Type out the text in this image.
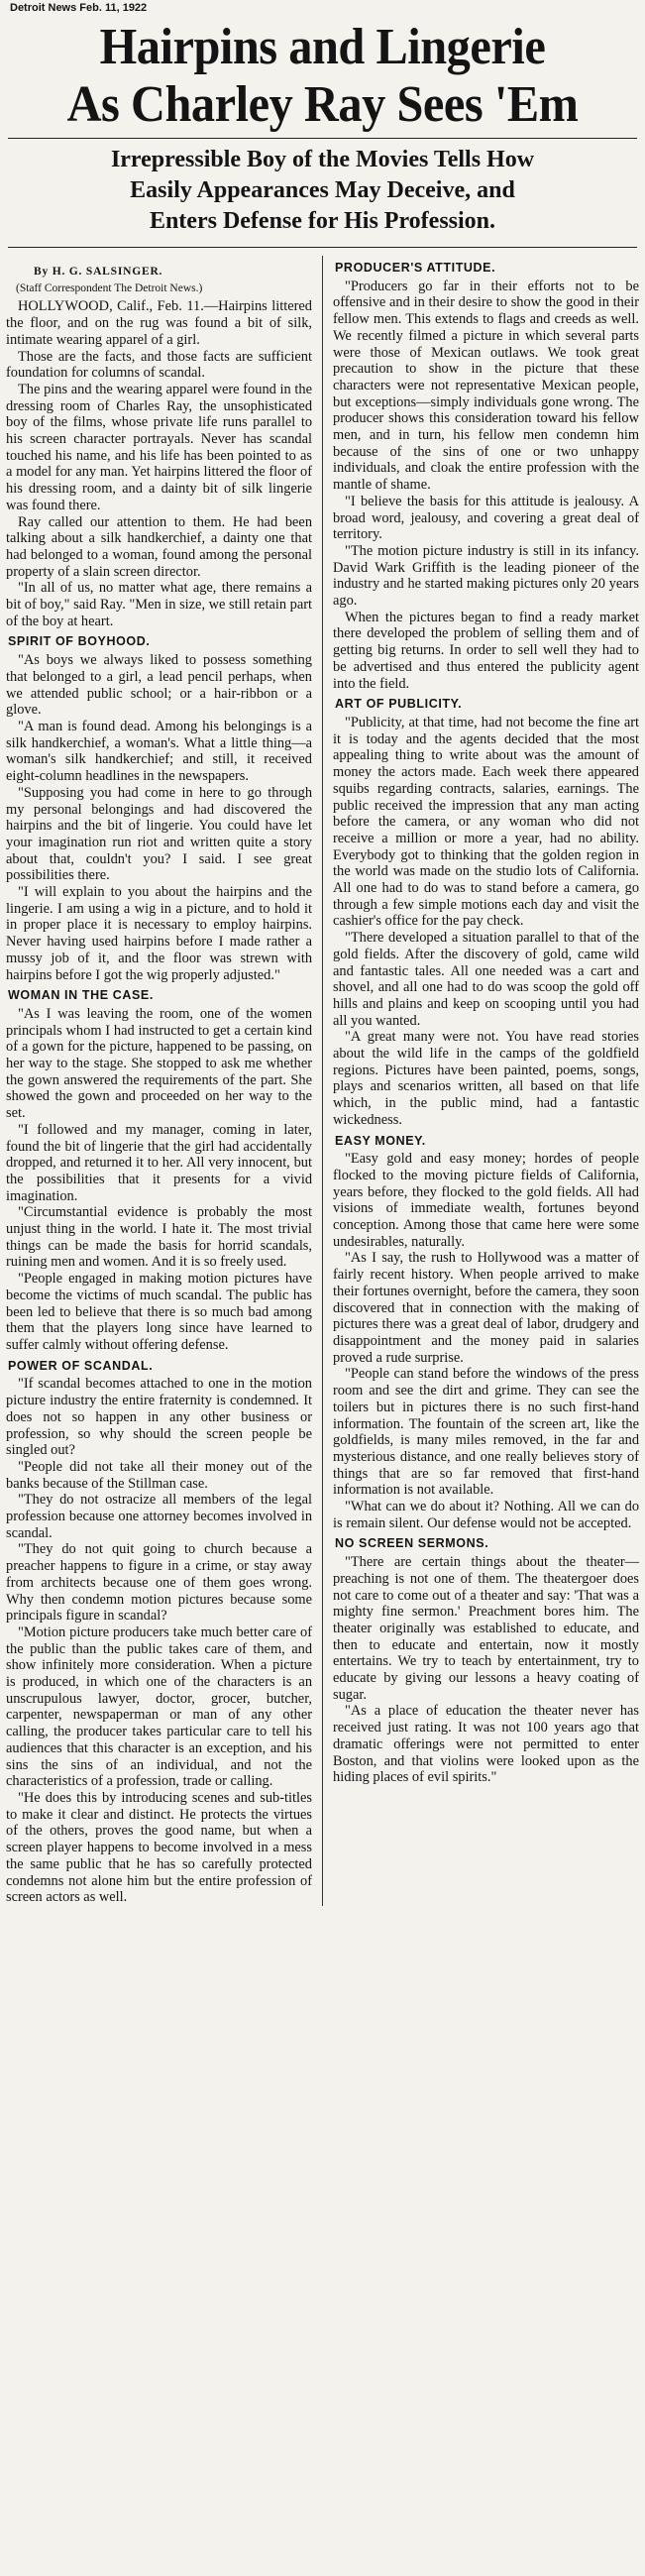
Detroit News Feb. 11, 1922
Hairpins and Lingerie
As Charley Ray Sees 'Em
Irrepressible Boy of the Movies Tells How
Easily Appearances May Deceive, and
Enters Defense for His Profession.
By H. G. SALSINGER.
(Staff Correspondent The Detroit News.)

HOLLYWOOD, Calif., Feb. 11.—Hairpins littered the floor, and on the rug was found a bit of silk, intimate wearing apparel of a girl.

Those are the facts, and those facts are sufficient foundation for columns of scandal.

The pins and the wearing apparel were found in the dressing room of Charles Ray, the unsophisticated boy of the films, whose private life runs parallel to his screen character portrayals. Never has scandal touched his name, and his life has been pointed to as a model for any man. Yet hairpins littered the floor of his dressing room, and a dainty bit of silk lingerie was found there.

Ray called our attention to them. He had been talking about a silk handkerchief, a dainty one that had belonged to a woman, found among the personal property of a slain screen director.

"In all of us, no matter what age, there remains a bit of boy," said Ray. "Men in size, we still retain part of the boy at heart.

SPIRIT OF BOYHOOD.

"As boys we always liked to possess something that belonged to a girl, a lead pencil perhaps, when we attended public school; or a hair-ribbon or a glove.

"A man is found dead. Among his belongings is a silk handkerchief, a woman's. What a little thing—a woman's silk handkerchief; and still, it received eight-column headlines in the newspapers.

"Supposing you had come in here to go through my personal belongings and had discovered the hairpins and the bit of lingerie. You could have let your imagination run riot and written quite a story about that, couldn't you? I said. I see great possibilities there.

"I will explain to you about the hairpins and the lingerie. I am using a wig in a picture, and to hold it in proper place it is necessary to employ hairpins. Never having used hairpins before I made rather a mussy job of it, and the floor was strewn with hairpins before I got the wig properly adjusted."

WOMAN IN THE CASE.

"As I was leaving the room, one of the women principals whom I had instructed to get a certain kind of a gown for the picture, happened to be passing, on her way to the stage. She stopped to ask me whether the gown answered the requirements of the part. She showed the gown and proceeded on her way to the set.

"I followed and my manager, coming in later, found the bit of lingerie that the girl had accidentally dropped, and returned it to her. All very innocent, but the possibilities that it presents for a vivid imagination.

"Circumstantial evidence is probably the most unjust thing in the world. I hate it. The most trivial things can be made the basis for horrid scandals, ruining men and women. And it is so freely used.

"People engaged in making motion pictures have become the victims of much scandal. The public has been led to believe that there is so much bad among them that the players long since have learned to suffer calmly without offering defense.

POWER OF SCANDAL.

"If scandal becomes attached to one in the motion picture industry the entire fraternity is condemned. It does not so happen in any other business or profession, so why should the screen people be singled out?

"People did not take all their money out of the banks because of the Stillman case.

"They do not ostracize all members of the legal profession because one attorney becomes involved in scandal.

"They do not quit going to church because a preacher happens to figure in a crime, or stay away from architects because one of them goes wrong. Why then condemn motion pictures because some principals figure in scandal?

"Motion picture producers take much better care of the public than the public takes care of them, and show infinitely more consideration. When a picture is produced, in which one of the characters is an unscrupulous lawyer, doctor, grocer, butcher, carpenter, newspaperman or man of any other calling, the producer takes particular care to tell his audiences that this character is an exception, and his sins the sins of an individual, and not the characteristics of a profession, trade or calling.

"He does this by introducing scenes and sub-titles to make it clear and distinct. He protects the virtues of the others, proves the good name, but when a screen player happens to become involved in a mess the same public that he has so carefully protected condemns not alone him but the entire profession of screen actors as well.

PRODUCER'S ATTITUDE.

"Producers go far in their efforts not to be offensive and in their desire to show the good in their fellow men. This extends to flags and creeds as well. We recently filmed a picture in which several parts were those of Mexican outlaws. We took great precaution to show in the picture that these characters were not representative Mexican people, but exceptions—simply individuals gone wrong. The producer shows this consideration toward his fellow men, and in turn, his fellow men condemn him because of the sins of one or two unhappy individuals, and cloak the entire profession with the mantle of shame.

"I believe the basis for this attitude is jealousy. A broad word, jealousy, and covering a great deal of territory.

"The motion picture industry is still in its infancy. David Wark Griffith is the leading pioneer of the industry and he started making pictures only 20 years ago.

When the pictures began to find a ready market there developed the problem of selling them and of getting big returns. In order to sell well they had to be advertised and thus entered the publicity agent into the field.

ART OF PUBLICITY.

"Publicity, at that time, had not become the fine art it is today and the agents decided that the most appealing thing to write about was the amount of money the actors made. Each week there appeared squibs regarding contracts, salaries, earnings. The public received the impression that any man acting before the camera, or any woman who did not receive a million or more a year, had no ability. Everybody got to thinking that the golden region in the world was made on the studio lots of California. All one had to do was to stand before a camera, go through a few simple motions each day and visit the cashier's office for the pay check.

"There developed a situation parallel to that of the gold fields. After the discovery of gold, came wild and fantastic tales. All one needed was a cart and shovel, and all one had to do was scoop the gold off hills and plains and keep on scooping until you had all you wanted.

"A great many were not. You have read stories about the wild life in the camps of the goldfield regions. Pictures have been painted, poems, songs, plays and scenarios written, all based on that life which, in the public mind, had a fantastic wickedness.

EASY MONEY.

"Easy gold and easy money; hordes of people flocked to the moving picture fields of California, years before, they flocked to the gold fields. All had visions of immediate wealth, fortunes beyond conception. Among those that came here were some undesirables, naturally.

"As I say, the rush to Hollywood was a matter of fairly recent history. When people arrived to make their fortunes overnight, before the camera, they soon discovered that in connection with the making of pictures there was a great deal of labor, drudgery and disappointment and the money paid in salaries proved a rude surprise.

"People can stand before the windows of the press room and see the dirt and grime. They can see the toilers but in pictures there is no such first-hand information. The fountain of the screen art, like the goldfields, is many miles removed, in the far and mysterious distance, and one really believes story of things that are so far removed that first-hand information is not available.

"What can we do about it? Nothing. All we can do is remain silent. Our defense would not be accepted.

NO SCREEN SERMONS.

"There are certain things about the theater—preaching is not one of them. The theatergoer does not care to come out of a theater and say: 'That was a mighty fine sermon.' Preachment bores him. The theater originally was established to educate, and then to educate and entertain, now it mostly entertains. We try to teach by entertainment, try to educate by giving our lessons a heavy coating of sugar.

"As a place of education the theater never has received just rating. It was not 100 years ago that dramatic offerings were not permitted to enter Boston, and that violins were looked upon as the hiding places of evil spirits."
